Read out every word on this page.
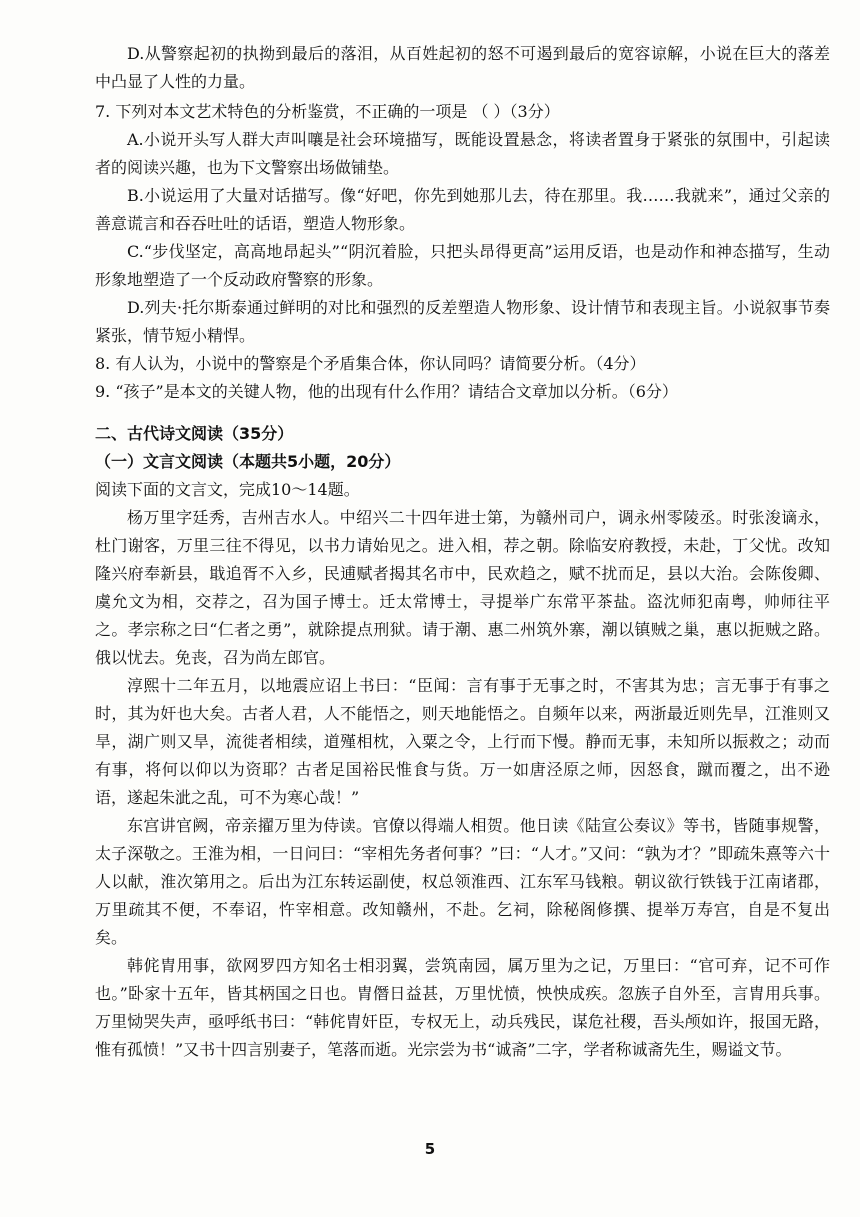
D.从警察起初的执拗到最后的落泪，从百姓起初的怒不可遏到最后的宽容谅解，小说在巨大的落差中凸显了人性的力量。

7. 下列对本文艺术特色的分析鉴赏，不正确的一项是 （ ）（3分）

A.小说开头写人群大声叫嚷是社会环境描写，既能设置悬念，将读者置身于紧张的氛围中，引起读者的阅读兴趣，也为下文警察出场做铺垫。

B.小说运用了大量对话描写。像“好吧，你先到她那儿去，待在那里。我……我就来”，通过父亲的善意谎言和吞吞吐吐的话语，塑造人物形象。

C.“步伐坚定，高高地昂起头”“阴沉着脸，只把头昂得更高”运用反语，也是动作和神态描写，生动形象地塑造了一个反动政府警察的形象。

D.列夫·托尔斯泰通过鲜明的对比和强烈的反差塑造人物形象、设计情节和表现主旨。小说叙事节奏紧张，情节短小精悍。

8. 有人认为，小说中的警察是个矛盾集合体，你认同吗？请简要分析。（4分）

9. “孩子”是本文的关键人物，他的出现有什么作用？请结合文章加以分析。（6分）

二、古代诗文阅读（35分）

（一）文言文阅读（本题共5小题，20分）

阅读下面的文言文，完成10～14题。

杨万里字廷秀，吉州吉水人。中绍兴二十四年进士第，为赣州司户，调永州零陵丞。时张浚谪永，杜门谢客，万里三往不得见，以书力请始见之。进入相，荐之朝。除临安府教授，未赴，丁父忧。改知隆兴府奉新县，戢追胥不入乡，民逋赋者揭其名市中，民欢趋之，赋不扰而足，县以大治。会陈俊卿、虞允文为相，交荐之，召为国子博士。迁太常博士，寻提举广东常平茶盐。盗沈师犯南粤，帅师往平之。孝宗称之曰“仁者之勇”，就除提点刑狱。请于潮、惠二州筑外寨，潮以镇贼之巢，惠以扼贼之路。俄以忧去。免丧，召为尚左郎官。

淳熙十二年五月，以地震应诏上书曰：“臣闻：言有事于无事之时，不害其为忠；言无事于有事之时，其为奸也大矣。古者人君，人不能悟之，则天地能悟之。自频年以来，两浙最近则先旱，江淮则又旱，湖广则又旱，流徙者相续，道殣相枕，入粟之令，上行而下慢。静而无事，未知所以振救之；动而有事，将何以仰以为资耶？古者足国裕民惟食与货。万一如唐泾原之师，因怒食，蹴而覆之，出不逊语，遂起朱泚之乱，可不为寒心哉！”

东宫讲官阙，帝亲擢万里为侍读。官僚以得端人相贺。他日读《陆宣公奏议》等书，皆随事规警，太子深敬之。王淮为相，一日问曰：“宰相先务者何事？”曰：“人才。”又问：“孰为才？”即疏朱熹等六十人以献，淮次第用之。后出为江东转运副使，权总领淮西、江东军马钱粮。朝议欲行铁钱于江南诸郡，万里疏其不便，不奉诏，忤宰相意。改知赣州，不赴。乞祠，除秘阁修撰、提举万寿宫，自是不复出矣。

韩侂胄用事，欲网罗四方知名士相羽翼，尝筑南园，属万里为之记，万里曰：“官可弃，记不可作也。”卧家十五年，皆其柄国之日也。胄僭日益甚，万里忧愤，怏怏成疾。忽族子自外至，言胄用兵事。万里恸哭失声，亟呼纸书曰：“韩侂胄奸臣，专权无上，动兵残民，谋危社稷，吾头颅如许，报国无路，惟有孤愤！”又书十四言别妻子，笔落而逝。光宗尝为书“诚斋”二字，学者称诚斋先生，赐谥文节。

5
